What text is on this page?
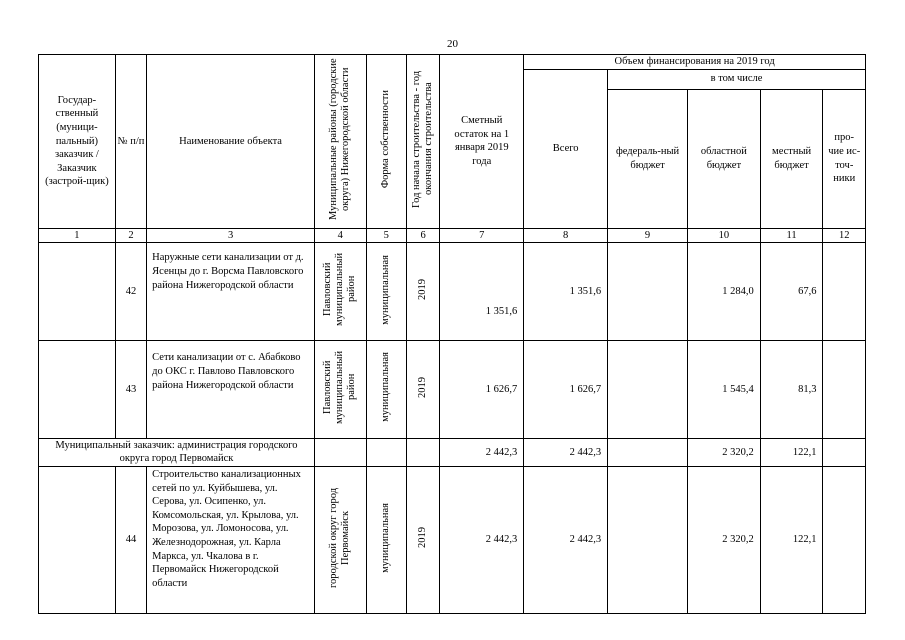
20
Государ-ственный (муници-пальный) заказчик / Заказчик (застрой-щик)	№ п/п	Наименование объекта	Муниципальные районы (городские округа) Нижегородской области	Форма собственности	Год начала строительства - год окончания строительства	Сметный остаток на 1 января 2019 года	Объем финансирования на 2019 год				
							Всего	в том числе			
								федераль-ный бюджет	областной бюджет	местный бюджет	про-чие ис-точ-ники
1	2	3	4	5	6	7	8	9	10	11	12
	42	Наружные сети канализации от д. Ясенцы до г. Ворсма Павловского района Нижегородской области	Павловский муниципальный район	муниципальная	2019	1 351,6	1 351,6		1 284,0	67,6	
	43	Сети канализации от с. Абабково до ОКС г. Павлово Павловского района Нижегородской области	Павловский муниципальный район	муниципальная	2019	1 626,7	1 626,7		1 545,4	81,3	
Муниципальный заказчик: администрация городского округа город Первомайск						2 442,3	2 442,3		2 320,2	122,1	
	44	Строительство канализационных сетей по ул. Куйбышева, ул. Серова, ул. Осипенко, ул. Комсомольская, ул. Крылова, ул. Морозова, ул. Ломоносова, ул. Железнодорожная, ул. Карла Маркса, ул. Чкалова в г. Первомайск Нижегородской области	городской округ город Первомайск	муниципальная	2019	2 442,3	2 442,3		2 320,2	122,1	
